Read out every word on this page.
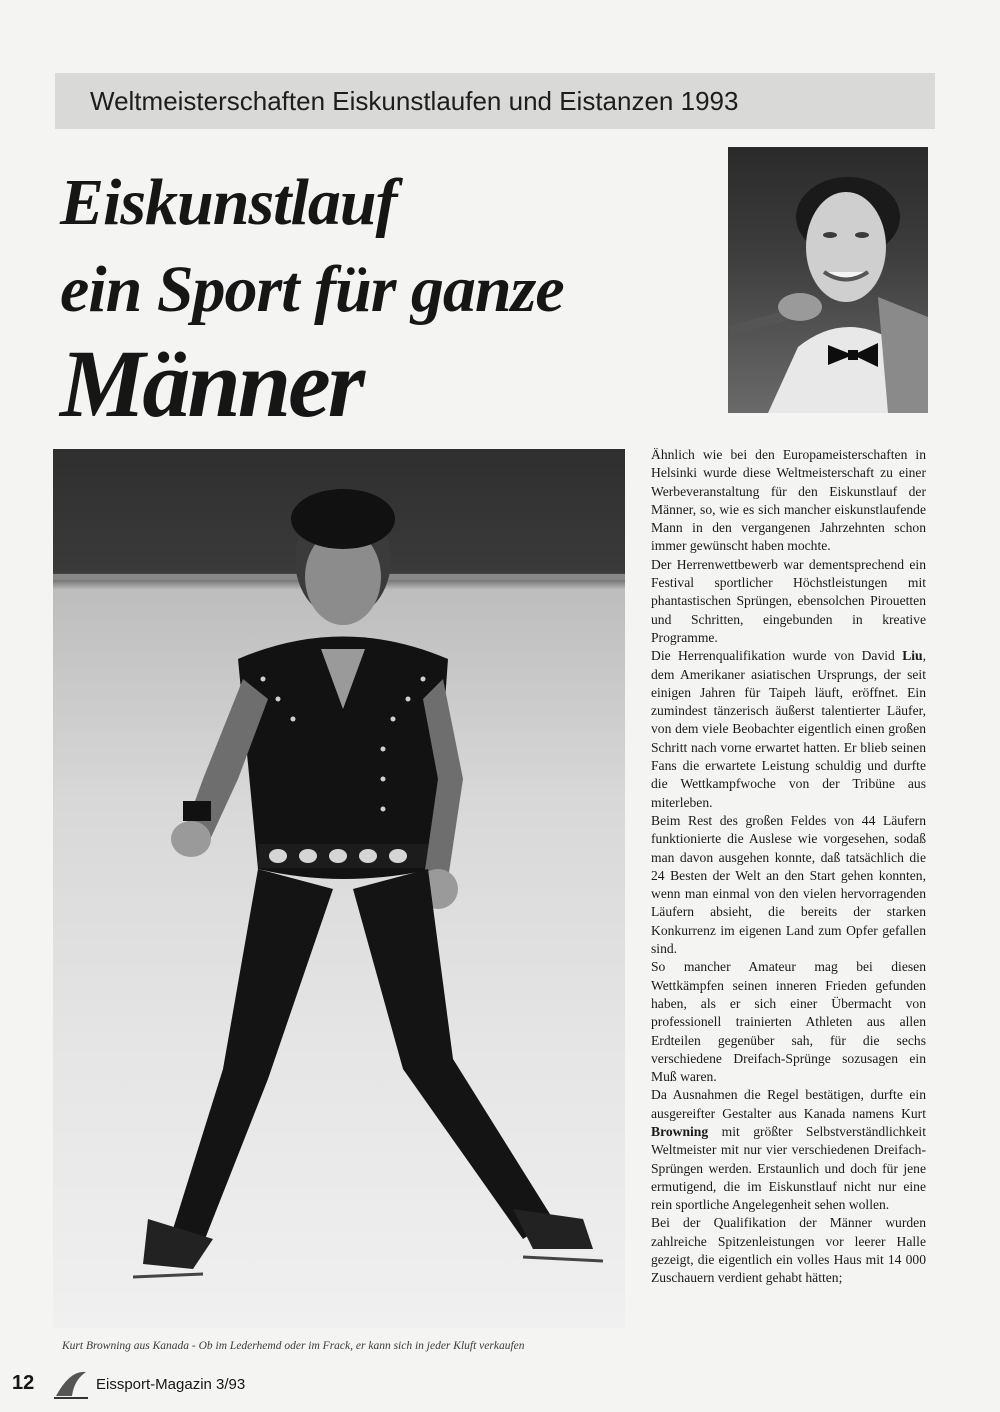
Weltmeisterschaften Eiskunstlaufen und Eistanzen 1993
Eiskunstlauf
ein Sport für ganze
Männer
Kurt Browning aus Kanada - Ob im Lederhemd oder im Frack, er kann sich in jeder Kluft verkaufen

Ähnlich wie bei den Europameisterschaften in Helsinki wurde diese Weltmeisterschaft zu einer Werbeveranstaltung für den Eiskunstlauf der Männer, so, wie es sich mancher eiskunstlaufende Mann in den vergangenen Jahrzehnten schon immer gewünscht haben mochte.

Der Herrenwettbewerb war dementsprechend ein Festival sportlicher Höchstleistungen mit phantastischen Sprüngen, ebensolchen Pirouetten und Schritten, eingebunden in kreative Programme.

Die Herrenqualifikation wurde von David Liu, dem Amerikaner asiatischen Ursprungs, der seit einigen Jahren für Taipeh läuft, eröffnet. Ein zumindest tänzerisch äußerst talentierter Läufer, von dem viele Beobachter eigentlich einen großen Schritt nach vorne erwartet hatten. Er blieb seinen Fans die erwartete Leistung schuldig und durfte die Wettkampfwoche von der Tribüne aus miterleben.

Beim Rest des großen Feldes von 44 Läufern funktionierte die Auslese wie vorgesehen, sodaß man davon ausgehen konnte, daß tatsächlich die 24 Besten der Welt an den Start gehen konnten, wenn man einmal von den vielen hervorragenden Läufern absieht, die bereits der starken Konkurrenz im eigenen Land zum Opfer gefallen sind.

So mancher Amateur mag bei diesen Wettkämpfen seinen inneren Frieden gefunden haben, als er sich einer Übermacht von professionell trainierten Athleten aus allen Erdteilen gegenüber sah, für die sechs verschiedene Dreifach-Sprünge sozusagen ein Muß waren.

Da Ausnahmen die Regel bestätigen, durfte ein ausgereifter Gestalter aus Kanada namens Kurt Browning mit größter Selbstverständlichkeit Weltmeister mit nur vier verschiedenen Dreifach-Sprüngen werden. Erstaunlich und doch für jene ermutigend, die im Eiskunstlauf nicht nur eine rein sportliche Angelegenheit sehen wollen.

Bei der Qualifikation der Männer wurden zahlreiche Spitzenleistungen vor leerer Halle gezeigt, die eigentlich ein volles Haus mit 14 000 Zuschauern verdient gehabt hätten;

12	Eissport-Magazin 3/93
